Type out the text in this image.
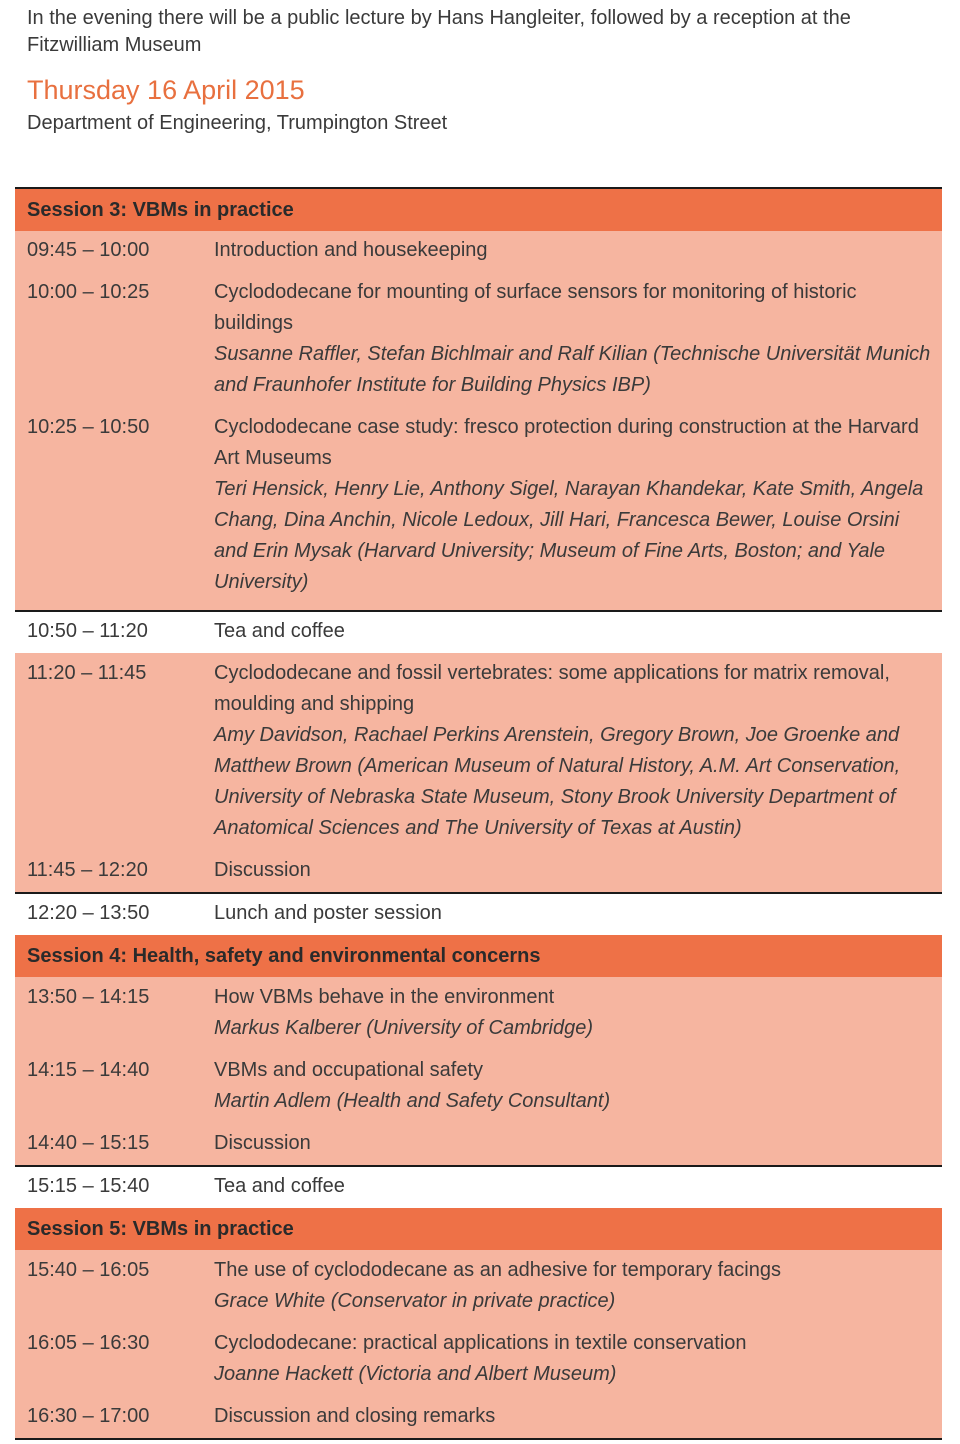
In the evening there will be a public lecture by Hans Hangleiter, followed by a reception at the Fitzwilliam Museum
Thursday 16 April 2015
Department of Engineering, Trumpington Street
Session 3: VBMs in practice
09:45 – 10:00	Introduction and housekeeping
10:00 – 10:25	Cyclododecane for mounting of surface sensors for monitoring of historic buildings
Susanne Raffler, Stefan Bichlmair and Ralf Kilian (Technische Universität Munich and Fraunhofer Institute for Building Physics IBP)
10:25 – 10:50	Cyclododecane case study: fresco protection during construction at the Harvard Art Museums
Teri Hensick, Henry Lie, Anthony Sigel, Narayan Khandekar, Kate Smith, Angela Chang, Dina Anchin, Nicole Ledoux, Jill Hari, Francesca Bewer, Louise Orsini and Erin Mysak (Harvard University; Museum of Fine Arts, Boston; and Yale University)
10:50 – 11:20	Tea and coffee
11:20 – 11:45	Cyclododecane and fossil vertebrates: some applications for matrix removal, moulding and shipping
Amy Davidson, Rachael Perkins Arenstein, Gregory Brown, Joe Groenke and Matthew Brown (American Museum of Natural History, A.M. Art Conservation, University of Nebraska State Museum, Stony Brook University Department of Anatomical Sciences and The University of Texas at Austin)
11:45 – 12:20	Discussion
12:20 – 13:50	Lunch and poster session
Session 4: Health, safety and environmental concerns
13:50 – 14:15	How VBMs behave in the environment
Markus Kalberer (University of Cambridge)
14:15 – 14:40	VBMs and occupational safety
Martin Adlem (Health and Safety Consultant)
14:40 – 15:15	Discussion
15:15 – 15:40	Tea and coffee
Session 5: VBMs in practice
15:40 – 16:05	The use of cyclododecane as an adhesive for temporary facings
Grace White (Conservator in private practice)
16:05 – 16:30	Cyclododecane: practical applications in textile conservation
Joanne Hackett (Victoria and Albert Museum)
16:30 – 17:00	Discussion and closing remarks
